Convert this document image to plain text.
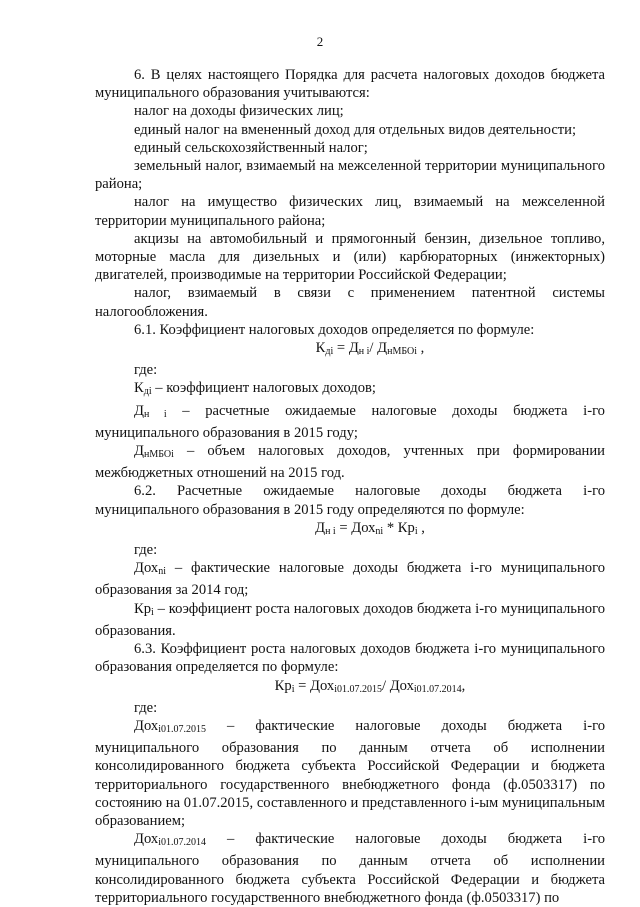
2

6. В целях настоящего Порядка для расчета налоговых доходов бюджета муниципального образования учитываются:

налог на доходы физических лиц;

единый налог на вмененный доход для отдельных видов деятельности;

единый сельскохозяйственный налог;

земельный налог, взимаемый на межселенной территории муниципального района;

налог на имущество физических лиц, взимаемый на межселенной территории муниципального района;

акцизы на автомобильный и прямогонный бензин, дизельное топливо, моторные масла для дизельных и (или) карбюраторных (инжекторных) двигателей, производимые на территории Российской Федерации;

налог, взимаемый в связи с применением патентной системы налогообложения.

6.1. Коэффициент налоговых доходов определяется по формуле:

$К_{дi} = Д_{н i}/$ $Д_{нМБОi}$ ,

где:

$К_{дi}$ – коэффициент налоговых доходов;

$Д_{н i}$ – расчетные ожидаемые налоговые доходы бюджета i-го муниципального образования в 2015 году;

$Д_{нМБОi}$ – объем налоговых доходов, учтенных при формировании межбюджетных отношений на 2015 год.

6.2. Расчетные ожидаемые налоговые доходы бюджета i-го муниципального образования в 2015 году определяются по формуле:

$Д_{н i} = Дох_{ni} * Кр_i$ ,

где:

Дох$_{ni}$ – фактические налоговые доходы бюджета i-го муниципального образования за 2014 год;

$Кр_i$ – коэффициент роста налоговых доходов бюджета i-го муниципального образования.

6.3. Коэффициент роста налоговых доходов бюджета i-го муниципального образования определяется по формуле:

$Кр_i = Дох_{i01.07.2015}/$ Дох$_{i01.07.2014}$,

где:

Дох$_{i01.07.2015}$ – фактические налоговые доходы бюджета i-го муниципального образования по данным отчета об исполнении консолидированного бюджета субъекта Российской Федерации и бюджета территориального государственного внебюджетного фонда (ф.0503317) по состоянию на 01.07.2015, составленного и представленного i-ым муниципальным образованием;

Дох$_{i01.07.2014}$ – фактические налоговые доходы бюджета i-го муниципального образования по данным отчета об исполнении консолидированного бюджета субъекта Российской Федерации и бюджета территориального государственного внебюджетного фонда (ф.0503317) по
